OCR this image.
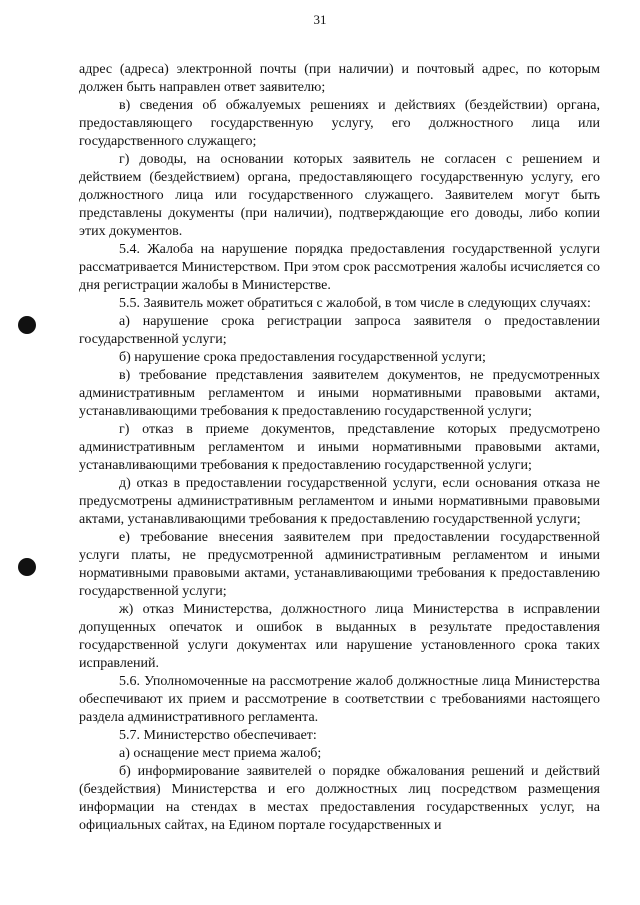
31

адрес (адреса) электронной почты (при наличии) и почтовый адрес, по которым должен быть направлен ответ заявителю;

в) сведения об обжалуемых решениях и действиях (бездействии) органа, предоставляющего государственную услугу, его должностного лица или государственного служащего;

г) доводы, на основании которых заявитель не согласен с решением и действием (бездействием) органа, предоставляющего государственную услугу, его должностного лица или государственного служащего. Заявителем могут быть представлены документы (при наличии), подтверждающие его доводы, либо копии этих документов.

5.4. Жалоба на нарушение порядка предоставления государственной услуги рассматривается Министерством. При этом срок рассмотрения жалобы исчисляется со дня регистрации жалобы в Министерстве.

5.5. Заявитель может обратиться с жалобой, в том числе в следующих случаях:

а) нарушение срока регистрации запроса заявителя о предоставлении государственной услуги;

б) нарушение срока предоставления государственной услуги;

в) требование представления заявителем документов, не предусмотренных административным регламентом и иными нормативными правовыми актами, устанавливающими требования к предоставлению государственной услуги;

г) отказ в приеме документов, представление которых предусмотрено административным регламентом и иными нормативными правовыми актами, устанавливающими требования к предоставлению государственной услуги;

д) отказ в предоставлении государственной услуги, если основания отказа не предусмотрены административным регламентом и иными нормативными правовыми актами, устанавливающими требования к предоставлению государственной услуги;

е) требование внесения заявителем при предоставлении государственной услуги платы, не предусмотренной административным регламентом и иными нормативными правовыми актами, устанавливающими требования к предоставлению государственной услуги;

ж) отказ Министерства, должностного лица Министерства в исправлении допущенных опечаток и ошибок в выданных в результате предоставления государственной услуги документах или нарушение установленного срока таких исправлений.

5.6. Уполномоченные на рассмотрение жалоб должностные лица Министерства обеспечивают их прием и рассмотрение в соответствии с требованиями настоящего раздела административного регламента.

5.7. Министерство обеспечивает:

а) оснащение мест приема жалоб;

б) информирование заявителей о порядке обжалования решений и действий (бездействия) Министерства и его должностных лиц посредством размещения информации на стендах в местах предоставления государственных услуг, на официальных сайтах, на Едином портале государственных и
